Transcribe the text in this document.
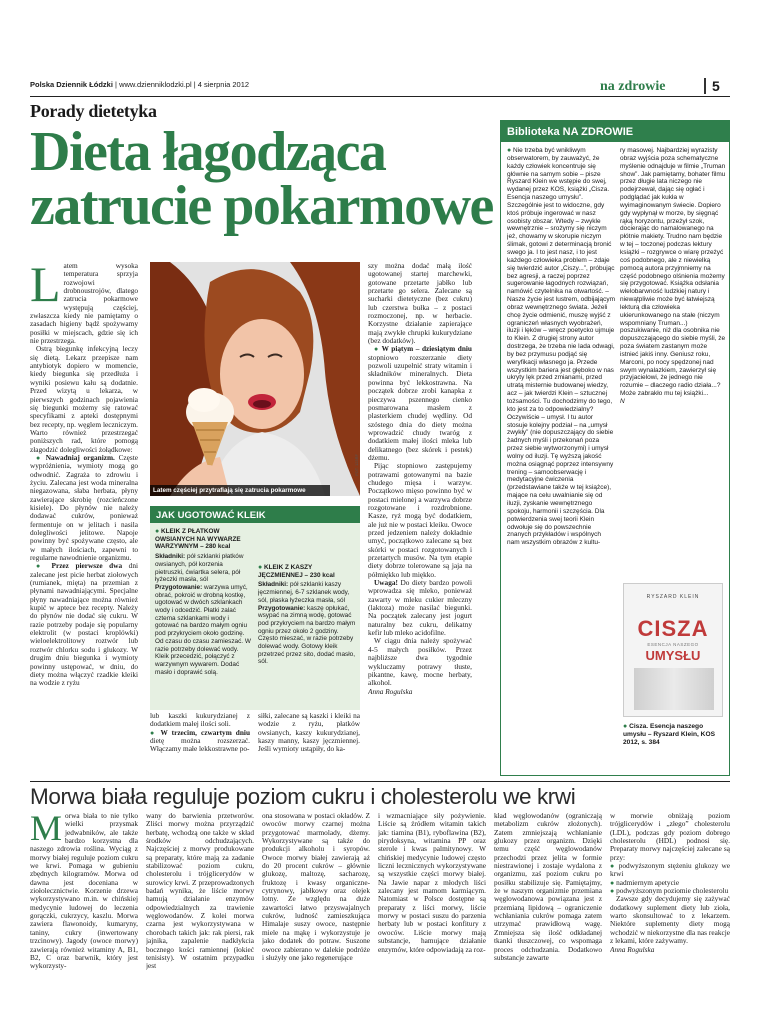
Polska Dziennik Łódzki | www.dzienniklodzki.pl | 4 sierpnia 2012	na zdrowie	5
Porady dietetyka
Dieta łagodząca
zatrucie pokarmowe

Latem wysoka temperatura sprzyja rozwojowi drobnoustrojów, dlatego zatrucia pokarmowe występują częściej, zwłaszcza kiedy nie pamiętamy o zasadach higieny bądź spożywamy posiłki w miejscach, gdzie się ich nie przestrzega.

Ostrą biegunkę infekcyjną leczy się dietą. Lekarz przepisze nam antybiotyk dopiero w momencie, kiedy biegunka się przedłuża i wyniki posiewu kału są dodatnie. Przed wizytą u lekarza, w pierwszych godzinach pojawienia się biegunki możemy się ratować specyfikami z apteki dostępnymi bez recepty, np. węglem leczniczym. Warto również przestrzegać poniższych rad, które pomogą złagodzić dolegliwości żołądkowe:

● Nawadniaj organizm. Częste wypróżnienia, wymioty mogą go odwodnić. Zagraża to zdrowiu i życiu. Zalecana jest woda mineralna niegazowana, słaba herbata, płyny zawierające skrobię (rozcieńczone kisiele). Do płynów nie należy dodawać cukrów, ponieważ fermentuje on w jelitach i nasila dolegliwości jelitowe. Napoje powinny być spożywane często, ale w małych ilościach, zapewni to regularne nawodnienie organizmu.

● Przez pierwsze dwa dni zalecane jest picie herbat ziołowych (rumianek, mięta) na przemian z płynami nawadniającymi. Specjalne płyny nawadniające można również kupić w aptece bez recepty. Należy do płynów nie dodać się cukru. W razie potrzeby podaje się popularny elektrolit (w postaci kroplówki) wieloelektrolitowy roztwór lub roztwór chlorku sodu i glukozy. W drugim dniu biegunka i wymioty powinny ustępować, w dniu, do diety można włączyć rzadkie kleiki na wodzie z ryżu

Latem częściej przytrafiają się zatrucia pokarmowe
FOT. 123RF
JAK UGOTOWAĆ KLEIK

● KLEIK Z PŁATKÓW OWSIANYCH NA WYWARZE WARZYWNYM – 280 kcal

Składniki: pół szklanki płatków owsianych, pół korzenia pietruszki, ćwiartka selera, pół łyżeczki masła, sól

Przygotowanie: warzywa umyć, obrać, pokroić w drobną kostkę, ugotować w dwóch szklankach wody i odcedzić. Płatki zalać cztema szklankami wody i gotować na bardzo małym ogniu pod przykryciem około godzinę. Od czasu do czasu zamieszać. W razie potrzeby dolewać wody. Kleik przecedzić, połączyć z warzywnym wywarem. Dodać masło i doprawić solą.

● KLEIK Z KASZY JĘCZMIENNEJ – 230 kcal

Składniki: pół szklanki kaszy jęczmiennej, 6-7 szklanek wody, sól, płaska łyżeczka masła, sól

Przygotowanie: kaszę opłukać, wsypać na zimną wodę, gotować pod przykryciem na bardzo małym ogniu przez około 2 godziny. Często mieszać, w razie potrzeby dolewać wody. Gotowy kleik przetrzeć przez sito, dodać masło, sól.

lub kaszki kukurydzianej z dodatkiem małej ilości soli.

● W trzecim, czwartym dniu dietę można rozszerzać. Włączamy małe lekkostrawne po-

siłki, zalecane są kaszki i kleiki na wodzie z ryżu, płatków owsianych, kaszy kukurydzianej, kaszy manny, kaszy jęczmiennej. Jeśli wymioty ustąpiły, do ka-

szy można dodać małą ilość ugotowanej startej marchewki, gotowane przetarte jabłko lub przetarte go selera. Zalecane są sucharki dietetyczne (bez cukru) lub czerstwa bułka – z postaci rozmoczonej, np. w herbacie. Korzystne działanie zapierające mają zwykłe chrupki kukurydziane (bez dodatków).

● W piątym – dziesiątym dniu stopniowo rozszerzanie diety pozwoli uzupełnić straty witamin i składników mineralnych. Dieta powinna być lekkostrawna. Na początek dobrze zrobi kanapka z pieczywa pszennego cienko posmarowana masłem z plasterkiem chudej wędliny. Od szóstego dnia do diety można wprowadzić chudy twaróg z dodatkiem małej ilości mleka lub delikatnego (bez skórek i pestek) dżemu.

Pijąc stopniowo zastępujemy potrawami gotowanymi na bazie chudego mięsa i warzyw. Początkowo mięso powinno być w postaci mielonej a warzywa dobrze rozgotowane i rozdrobnione. Kasze, ryż mogą być dodatkiem, ale już nie w postaci kleiku. Owoce przed jedzeniem należy dokładnie umyć, początkowo zalecane są bez skórki w postaci rozgotowanych i przetartych musów. Na tym etapie diety dobrze tolerowane są jaja na półmiękko lub miękko.

Uwaga! Do diety bardzo powoli wprowadza się mleko, ponieważ zawarty w mleku cukier mleczny (laktoza) może nasilać biegunki. Na początek zalecany jest jogurt naturalny bez cukru, delikatny kefir lub mleko acidofilne.

W ciągu dnia należy spożywać 4-5 małych posiłków. Przez najbliższe dwa tygodnie wykluczamy potrawy tłuste, pikantne, kawę, mocne herbaty, alkohol.

Anna Rogulska

Biblioteka NA ZDROWIE

● Nie trzeba być wnikliwym obserwatorem, by zauważyć, że każdy człowiek koncentruje się głównie na samym sobie – pisze Ryszard Klein we wstępie do swej, wydanej przez KOS, książki „Cisza. Esencja naszego umysłu”. Szczególnie jest to widoczne, gdy ktoś próbuje ingerować w nasz osobisty obszar. Wtedy – zwykle wewnętrznie – srożymy się niczym jeż, chowamy w skorupie niczym ślimak, gotowi z determinacją bronić swego ja. I to jest nasz, i to jest każdego człowieka problem – zdaje się twierdzić autor „Ciszy...”, próbując bez agresji, a raczej poprzez sugerowanie łagodnych rozwiązań, namówić czytelnika na otwartość. – Nasze życie jest lustrem, odbijającym obraz wewnętrznego świata. Jeżeli chcę życie odmienić, muszę wyjść z ograniczeń własnych wyobrażeń, iluzji i lęków – wręcz poetycko ujmuje to Klein. Z drugiej strony autor dostrzega, że trzeba nie lada odwagi, by bez przymusu podjąć się weryfikacji własnego ja. Przede wszystkim bariera jest głęboko w nas ukryty lęk przed zmianami, przed utratą misternie budowanej wiedzy, acz – jak twierdzi Klein – sztucznej tożsamości. Tu dochodzimy do tego, kto jest za to odpowiedzialny? Oczywiście – umysł. I tu autor stosuje kolejny podział – na „umysł zwykły” (nie dopuszczający do siebie żadnych myśli i przekonań poza przez siebie wytworzonymi) i umysł wolny od iluzji. Tę wyższą jakość można osiągnąć poprzez intensywny trening – samoobserwację i medytacyjne ćwiczenia (przedstawiane także w tej książce), mające na celu uwalnianie się od iluzji, zyskanie wewnętrznego spokoju, harmonii i szczęścia. Dla potwierdzenia swej teorii Klein odwołuje się do powszechnie znanych przykładów i wspólnych nam wszystkim obrazów z kultu-

ry masowej. Najbardziej wyrazisty obraz wyjścia poza schematyczne myślenie odnajduje w filmie „Truman show”. Jak pamiętamy, bohater filmu przez długie lata niczego nie podejrzewał, dając się ogłać i podglądać jak kukła w wyimaginowanym świecie. Dopiero gdy wypłynął w morze, by sięgnąć rąką horyzontu, przeżył szok, docierając do namalowanego na płótnie makiety. Trudno nam będzie w tej – toczonej podczas lektury książki – rozgrywce o wiarę przeżyć coś podobnego, ale z niewielką pomocą autora przyjmniemy na część podobnego olśnienia możemy się przygotować. Książka odsłania wielobarwność ludzkiej natury i niewątpliwie może być łatwiejszą lekturą dla człowieka ukierunkowanego na stałe (niczym wspomniany Truman...) poszukiwanie, niż dla osobnika nie dopuszczającego do siebie myśli, że poza światem zastanym może istnieć jakiś inny. Geniusz roku, Marconi, po nocy spędzonej nad swym wynalazkiem, zawierzył się przyjacielowi, że jednego nie rozumie – dlaczego radio działa...? Może zabrakło mu tej książki...

N

RYSZARD KLEIN
CISZA
ESENCJA NASZEGO
UMYSŁU

● Cisza. Esencja naszego umysłu – Ryszard Klein, KOS 2012, s. 384

Morwa biała reguluje poziom cukru i cholesterolu we krwi

Morwa biała to nie tylko wielki przysmak jedwabników, ale także bardzo korzystna dla naszego zdrowia roślina. Wyciąg z morwy białej reguluje poziom cukru we krwi. Pomaga w gubieniu zbędnych kilogramów. Morwa od dawna jest doceniana w ziołolecznictwie. Korzenie drzewa wykorzystywano m.in. w chińskiej medycynie ludowej do leczenia gorączki, cukrzycy, kaszlu. Morwa zawiera flawonoidy, kumaryny, taniny, cukry (inwertowany trzcinowy). Jagody (owoce morwy) zawierają również witaminy A, B1, B2, C oraz barwnik, który jest wykorzysty-

wany do barwienia przetworów. Zliści morwy można przyrządzić herbatę, wchodzą one także w skład środków odchudzających. Najczęściej z morwy produkowane są preparaty, które mają za zadanie stabilizować poziom cukru, cholesterolu i trójglicerydów w surowicy krwi. Z przeprowadzonych badań wynika, że liście morwy hamują działanie enzymów odpowiedzialnych za trawienie węglowodanów. Z kolei morwa czarna jest wykorzystywana w chorobach takich jak: rak piersi, rak jajnika, zapalenie nadkłykcia bocznego kości ramiennej (łokieć tenisisty). W ostatnim przypadku jest

ona stosowana w postaci okładów. Z owoców morwy czarnej można przygotować marmolady, dżemy. Wykorzystywane są także do produkcji alkoholu i syropów. Owoce morwy białej zawierają aż do 20 procent cukrów – głównie glukozę, maltozę, sacharozę, fruktozę i kwasy organiczne- cytrynowy, jabłkowy oraz olejek lotny. Ze względu na duże zawartości łatwo przyswajalnych cukrów, ludność zamieszkująca Himalaje suszy owoce, następnie miele na mąkę i wykorzystuje je jako dodatek do potraw. Suszone owoce zabierano w dalekie podróże i służyły one jako regenerujące

i wzmacniające siły pożywienie. Liście są źródłem witamin takich jak: tiamina (B1), ryboflawina (B2), pirydoksyna, witamina PP oraz sterole i kwas palmitynowy. W chińskiej medycynie ludowej często liczni lecznicznych wykorzystywane są wszystkie części morwy białej. Na Jawie napar z młodych liści zalecany jest mamom karmiącym. Natomiast w Polsce dostępne są preparaty z liści morwy, liście morwy w postaci suszu do parzenia herbaty lub w postaci konfitury z owoców. Liście morwy mają substancje, hamujące działanie enzymów, które odpowiadają za roz-

kład węglowodanów (ograniczają metabolizm cukrów złożonych). Zatem zmniejszają wchłanianie glukozy przez organizm. Dzięki temu część węglowodanów przechodzi przez jelita w formie niestrawionej i zostaje wydalona z organizmu, zaś poziom cukru po posiłku stabilizuje się. Pamiętajmy, że w naszym organizmie przemiana węglowodanowa powiązana jest z przemianą lipidową – ograniczenie wchłaniania cukrów pomaga zatem utrzymać prawidłową wagę. Zmniejsza się ilość odkładanej tkanki tłuszczowej, co wspomaga proces odchudzania. Dodatkowo substancje zawarte

w morwie obniżają poziom trójglicerydów i „złego” cholesterolu (LDL), podczas gdy poziom dobrego cholesterolu (HDL) podnosi się. Preparaty morwy najczęściej zalecane są przy:

● podwyższonym stężeniu glukozy we krwi

● nadmiernym apetycie

● podwyższonym poziomie cholesterolu

Zawsze gdy decydujemy się zażywać dodatkowy suplement diety lub zioła, warto skonsultować to z lekarzem. Niektóre suplementy diety mogą wchodzić w niekorzystne dla nas reakcje z lekami, które zażywamy.

Anna Rogulska
